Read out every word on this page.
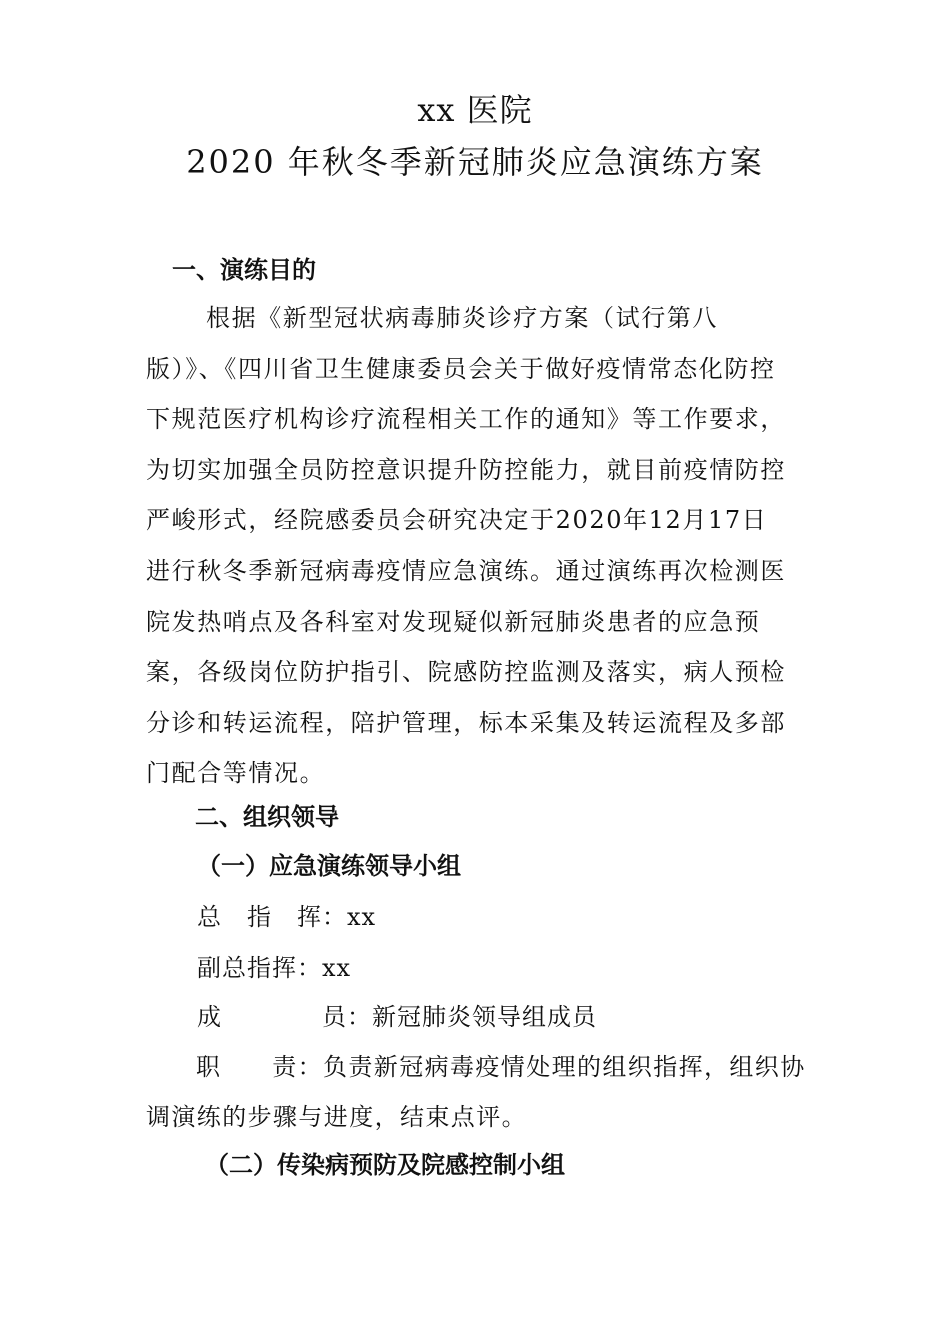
xx 医院
2020 年秋冬季新冠肺炎应急演练方案
一、演练目的
根据《新型冠状病毒肺炎诊疗方案（试行第八版）》、《四川省卫生健康委员会关于做好疫情常态化防控下规范医疗机构诊疗流程相关工作的通知》等工作要求，为切实加强全员防控意识提升防控能力，就目前疫情防控严峻形式，经院感委员会研究决定于2020年12月17日进行秋冬季新冠病毒疫情应急演练。通过演练再次检测医院发热哨点及各科室对发现疑似新冠肺炎患者的应急预案，各级岗位防护指引、院感防控监测及落实，病人预检分诊和转运流程，陪护管理，标本采集及转运流程及多部门配合等情况。
二、组织领导
（一）应急演练领导小组
总　指　挥：xx
副总指挥：xx
成　　　　员：新冠肺炎领导组成员
职　　责：负责新冠病毒疫情处理的组织指挥，组织协调演练的步骤与进度，结束点评。
（二）传染病预防及院感控制小组
